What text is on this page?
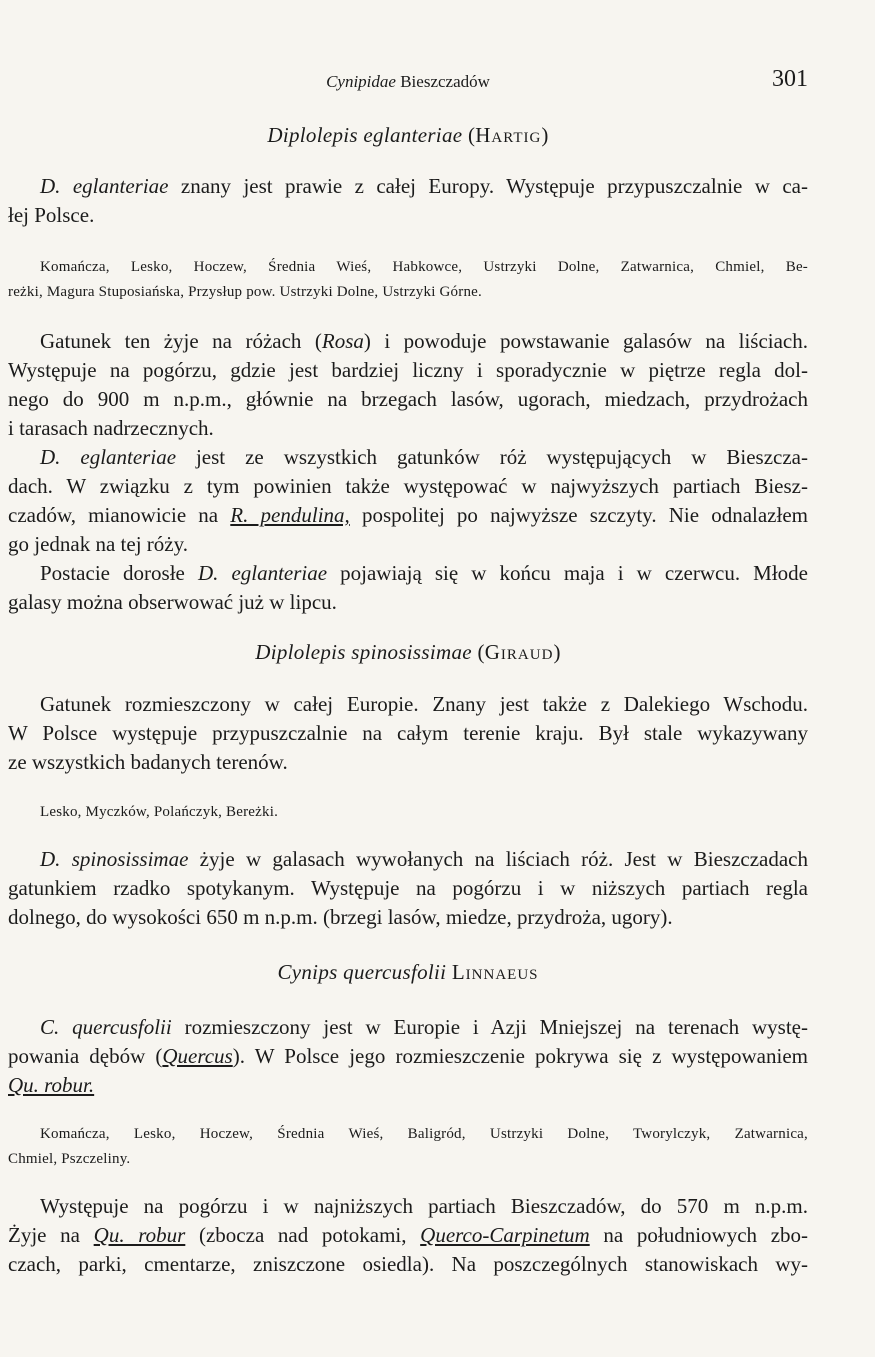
Cynipidae Bieszczadów	301
Diplolepis eglanteriae (Hartig)
D. eglanteriae znany jest prawie z całej Europy. Występuje przypuszczalnie w ca-
łej Polsce.
Komańcza, Lesko, Hoczew, Średnia Wieś, Habkowce, Ustrzyki Dolne, Zatwarnica, Chmiel, Be-
reżki, Magura Stuposiańska, Przysłup pow. Ustrzyki Dolne, Ustrzyki Górne.
Gatunek ten żyje na różach (Rosa) i powoduje powstawanie galasów na liściach.
Występuje na pogórzu, gdzie jest bardziej liczny i sporadycznie w piętrze regla dol-
nego do 900 m n.p.m., głównie na brzegach lasów, ugorach, miedzach, przydrożach
i tarasach nadrzecznych.
D. eglanteriae jest ze wszystkich gatunków róż występujących w Bieszcza-
dach. W związku z tym powinien także występować w najwyższych partiach Biesz-
czadów, mianowicie na R. pendulina, pospolitej po najwyższe szczyty. Nie odnalazłem
go jednak na tej róży.
Postacie dorosłe D. eglanteriae pojawiają się w końcu maja i w czerwcu. Młode
galasy można obserwować już w lipcu.
Diplolepis spinosissimae (Giraud)
Gatunek rozmieszczony w całej Europie. Znany jest także z Dalekiego Wschodu.
W Polsce występuje przypuszczalnie na całym terenie kraju. Był stale wykazywany
ze wszystkich badanych terenów.
Lesko, Myczków, Polańczyk, Bereżki.
D. spinosissimae żyje w galasach wywołanych na liściach róż. Jest w Bieszczadach
gatunkiem rzadko spotykanym. Występuje na pogórzu i w niższych partiach regla
dolnego, do wysokości 650 m n.p.m. (brzegi lasów, miedze, przydroża, ugory).
Cynips quercusfolii Linnaeus
C. quercusfolii rozmieszczony jest w Europie i Azji Mniejszej na terenach wystę-
powania dębów (Quercus). W Polsce jego rozmieszczenie pokrywa się z występowaniem
Qu. robur.
Komańcza, Lesko, Hoczew, Średnia Wieś, Baligród, Ustrzyki Dolne, Tworylczyk, Zatwarnica,
Chmiel, Pszczeliny.
Występuje na pogórzu i w najniższych partiach Bieszczadów, do 570 m n.p.m.
Żyje na Qu. robur (zbocza nad potokami, Querco-Carpinetum na południowych zbo-
czach, parki, cmentarze, zniszczone osiedla). Na poszczególnych stanowiskach wy-
